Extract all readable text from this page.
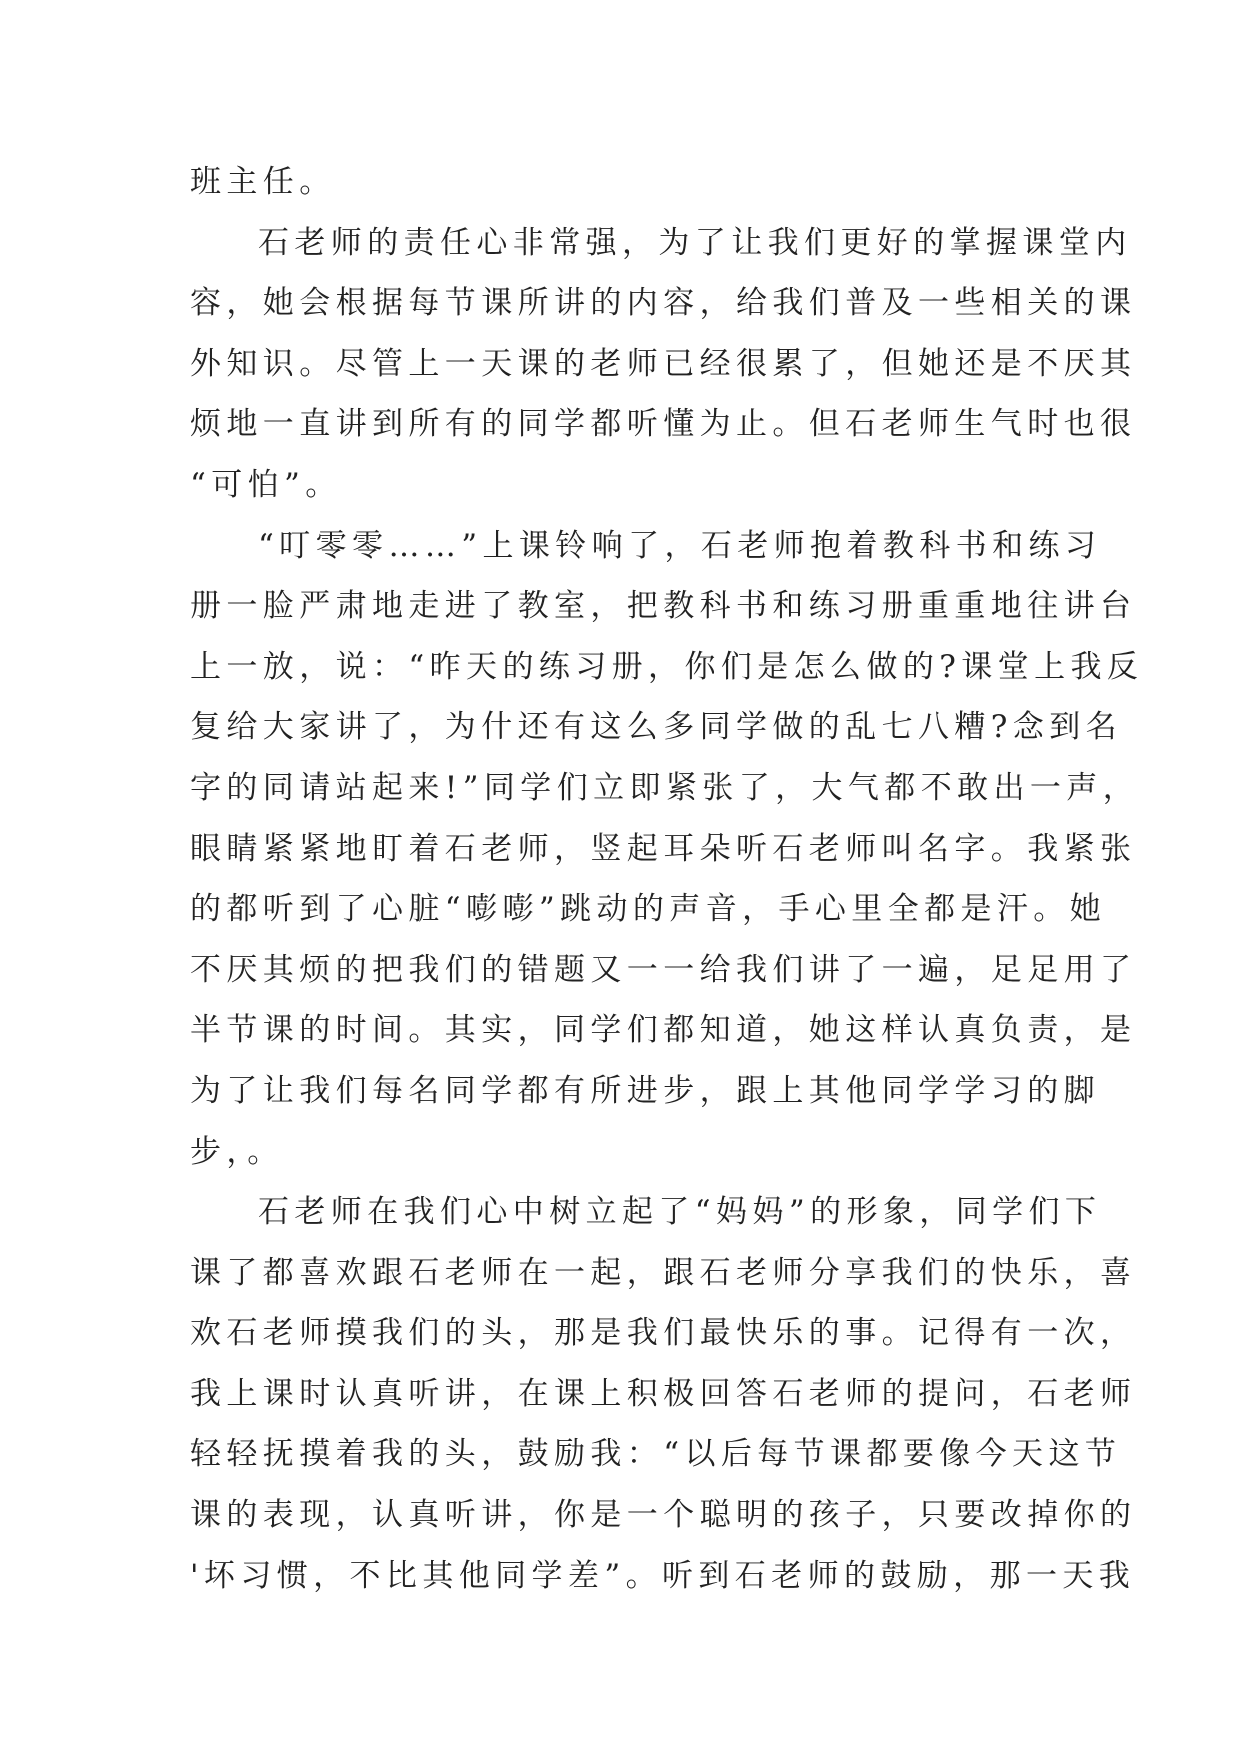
班主任。
石老师的责任心非常强，为了让我们更好的掌握课堂内
容，她会根据每节课所讲的内容，给我们普及一些相关的课
外知识。尽管上一天课的老师已经很累了，但她还是不厌其
烦地一直讲到所有的同学都听懂为止。但石老师生气时也很
“可怕”。
“叮零零……”上课铃响了，石老师抱着教科书和练习
册一脸严肃地走进了教室，把教科书和练习册重重地往讲台
上一放，说：“昨天的练习册，你们是怎么做的?课堂上我反
复给大家讲了，为什还有这么多同学做的乱七八糟?念到名
字的同请站起来!”同学们立即紧张了，大气都不敢出一声，
眼睛紧紧地盯着石老师，竖起耳朵听石老师叫名字。我紧张
的都听到了心脏“嘭嘭”跳动的声音，手心里全都是汗。她
不厌其烦的把我们的错题又一一给我们讲了一遍，足足用了
半节课的时间。其实，同学们都知道，她这样认真负责，是
为了让我们每名同学都有所进步，跟上其他同学学习的脚
步，。
石老师在我们心中树立起了“妈妈”的形象，同学们下
课了都喜欢跟石老师在一起，跟石老师分享我们的快乐，喜
欢石老师摸我们的头，那是我们最快乐的事。记得有一次，
我上课时认真听讲，在课上积极回答石老师的提问，石老师
轻轻抚摸着我的头，鼓励我：“以后每节课都要像今天这节
课的表现，认真听讲，你是一个聪明的孩子，只要改掉你的
'坏习惯，不比其他同学差”。听到石老师的鼓励，那一天我
